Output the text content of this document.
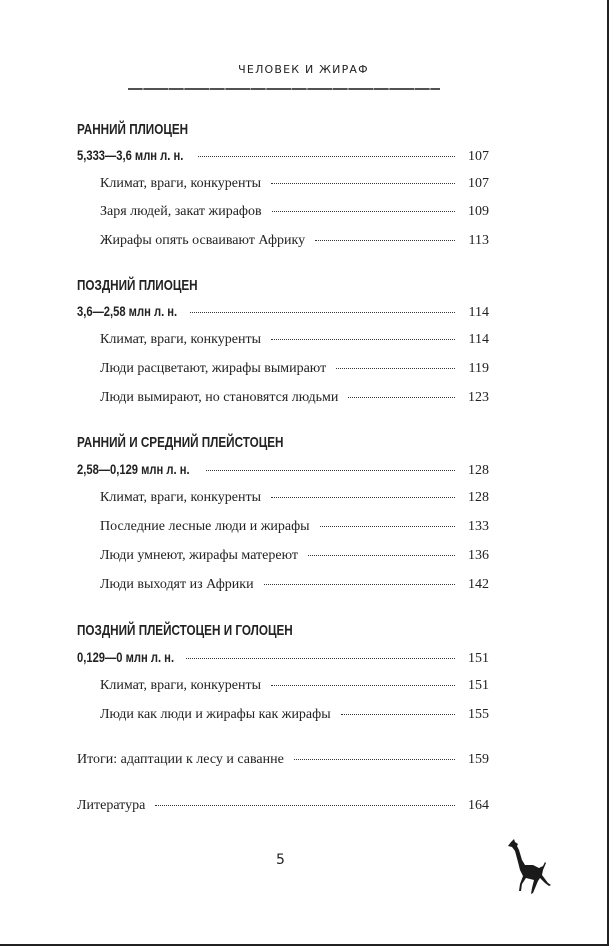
ЧЕЛОВЕК И ЖИРАФ
РАННИЙ ПЛИОЦЕН
5,333—3,6 млн л. н.	107
Климат, враги, конкуренты	107
Заря людей, закат жирафов	109
Жирафы опять осваивают Африку	113
ПОЗДНИЙ ПЛИОЦЕН
3,6—2,58 млн л. н.	114
Климат, враги, конкуренты	114
Люди расцветают, жирафы вымирают	119
Люди вымирают, но становятся людьми	123
РАННИЙ И СРЕДНИЙ ПЛЕЙСТОЦЕН
2,58—0,129 млн л. н.	128
Климат, враги, конкуренты	128
Последние лесные люди и жирафы	133
Люди умнеют, жирафы матереют	136
Люди выходят из Африки	142
ПОЗДНИЙ ПЛЕЙСТОЦЕН И ГОЛОЦЕН
0,129—0 млн л. н.	151
Климат, враги, конкуренты	151
Люди как люди и жирафы как жирафы	155
Итоги: адаптации к лесу и саванне	159
Литература	164
5
